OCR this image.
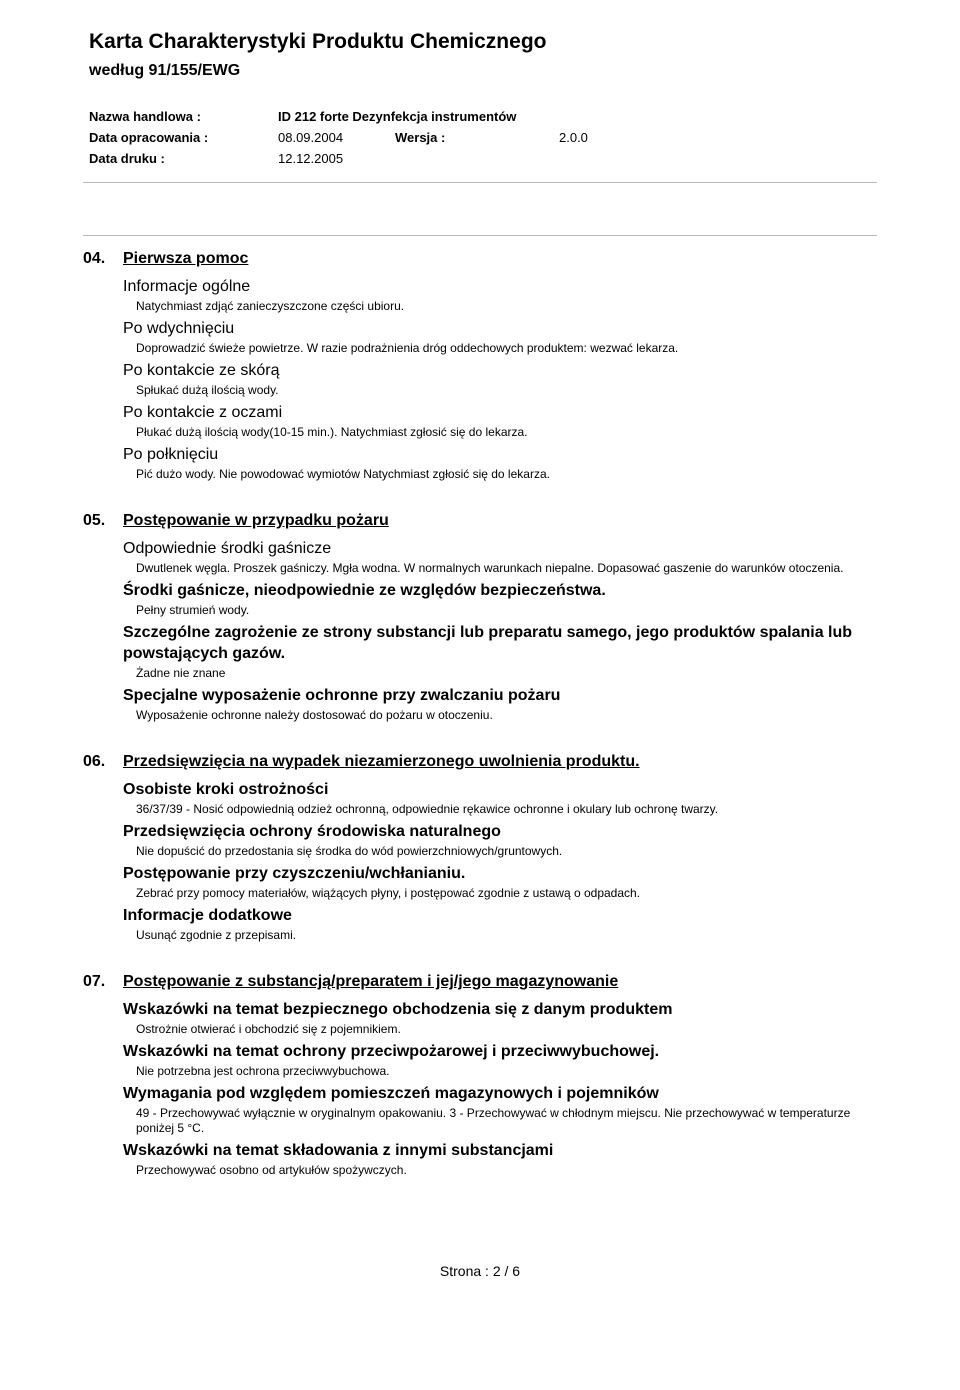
Karta Charakterystyki Produktu Chemicznego
według 91/155/EWG
Nazwa handlowa :	ID 212 forte Dezynfekcja instrumentów
Data opracowania :	08.09.2004	Wersja :	2.0.0
Data druku :	12.12.2005
04. Pierwsza pomoc
Informacje ogólne
Natychmiast zdjąć zanieczyszczone części ubioru.
Po wdychnięciu
Doprowadzić świeże powietrze. W razie podrażnienia dróg oddechowych produktem: wezwać lekarza.
Po kontakcie ze skórą
Spłukać dużą ilością wody.
Po kontakcie z oczami
Płukać dużą ilością wody(10-15 min.). Natychmiast zgłosić się do lekarza.
Po połknięciu
Pić dużo wody. Nie powodować wymiotów Natychmiast zgłosić się do lekarza.
05. Postępowanie w przypadku pożaru
Odpowiednie środki gaśnicze
Dwutlenek węgla. Proszek gaśniczy. Mgła wodna. W normalnych warunkach niepalne. Dopasować gaszenie do warunków otoczenia.
Środki gaśnicze, nieodpowiednie ze względów bezpieczeństwa.
Pełny strumień wody.
Szczególne zagrożenie ze strony substancji lub preparatu samego, jego produktów spalania lub powstających gazów.
Żadne nie znane
Specjalne wyposażenie ochronne przy zwalczaniu pożaru
Wyposażenie ochronne należy dostosować do pożaru w otoczeniu.
06. Przedsięwzięcia na wypadek niezamierzonego uwolnienia produktu.
Osobiste kroki ostrożności
36/37/39 - Nosić odpowiednią odzież ochronną, odpowiednie rękawice ochronne i okulary lub ochronę twarzy.
Przedsięwzięcia ochrony środowiska naturalnego
Nie dopuścić do przedostania się środka do wód powierzchniowych/gruntowych.
Postępowanie przy czyszczeniu/wchłanianiu.
Zebrać przy pomocy materiałów, wiążących płyny, i postępować zgodnie z ustawą o odpadach.
Informacje dodatkowe
Usunąć zgodnie z przepisami.
07. Postępowanie z substancją/preparatem i jej/jego magazynowanie
Wskazówki na temat bezpiecznego obchodzenia się z danym produktem
Ostrożnie otwierać i obchodzić się z pojemnikiem.
Wskazówki na temat ochrony przeciwpożarowej i przeciwwybuchowej.
Nie potrzebna jest ochrona przeciwwybuchowa.
Wymagania pod względem pomieszczeń magazynowych i pojemników
49 - Przechowywać wyłącznie w oryginalnym opakowaniu. 3 - Przechowywać w chłodnym miejscu. Nie przechowywać w temperaturze poniżej 5 °C.
Wskazówki na temat składowania z innymi substancjami
Przechowywać osobno od artykułów spożywczych.
Strona : 2 / 6
